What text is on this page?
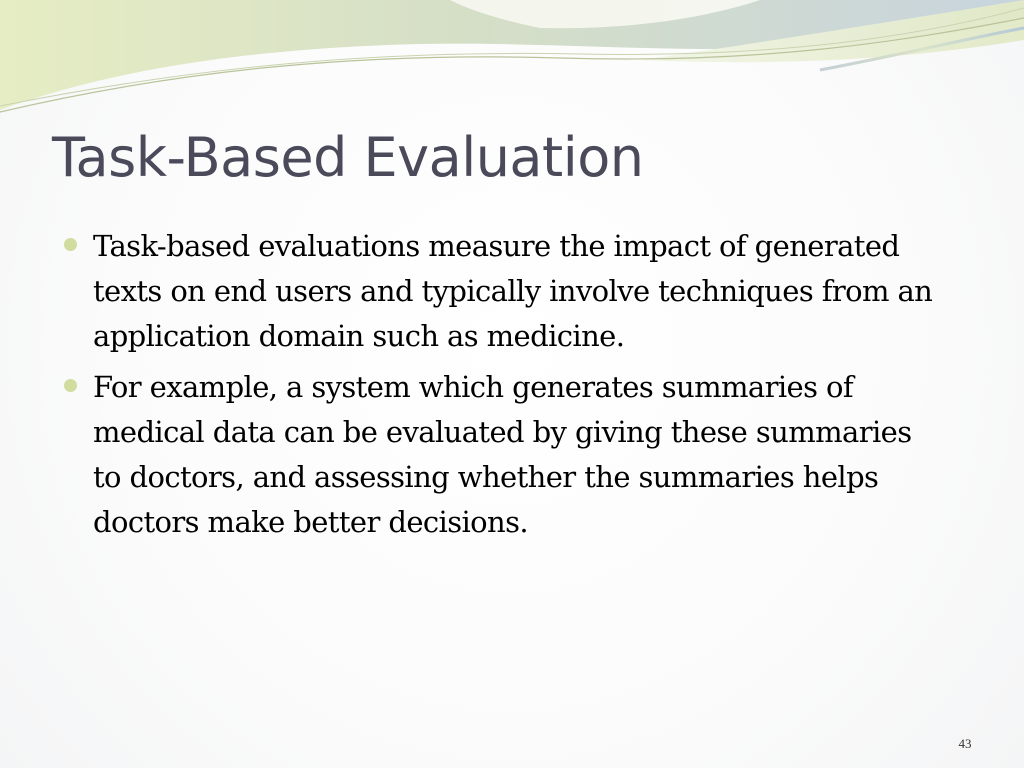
Task-Based Evaluation
Task-based evaluations measure the impact of generated texts on end users and typically involve techniques from an application domain such as medicine.
For example, a system which generates summaries of medical data can be evaluated by giving these summaries to doctors, and assessing whether the summaries helps doctors make better decisions.
43
